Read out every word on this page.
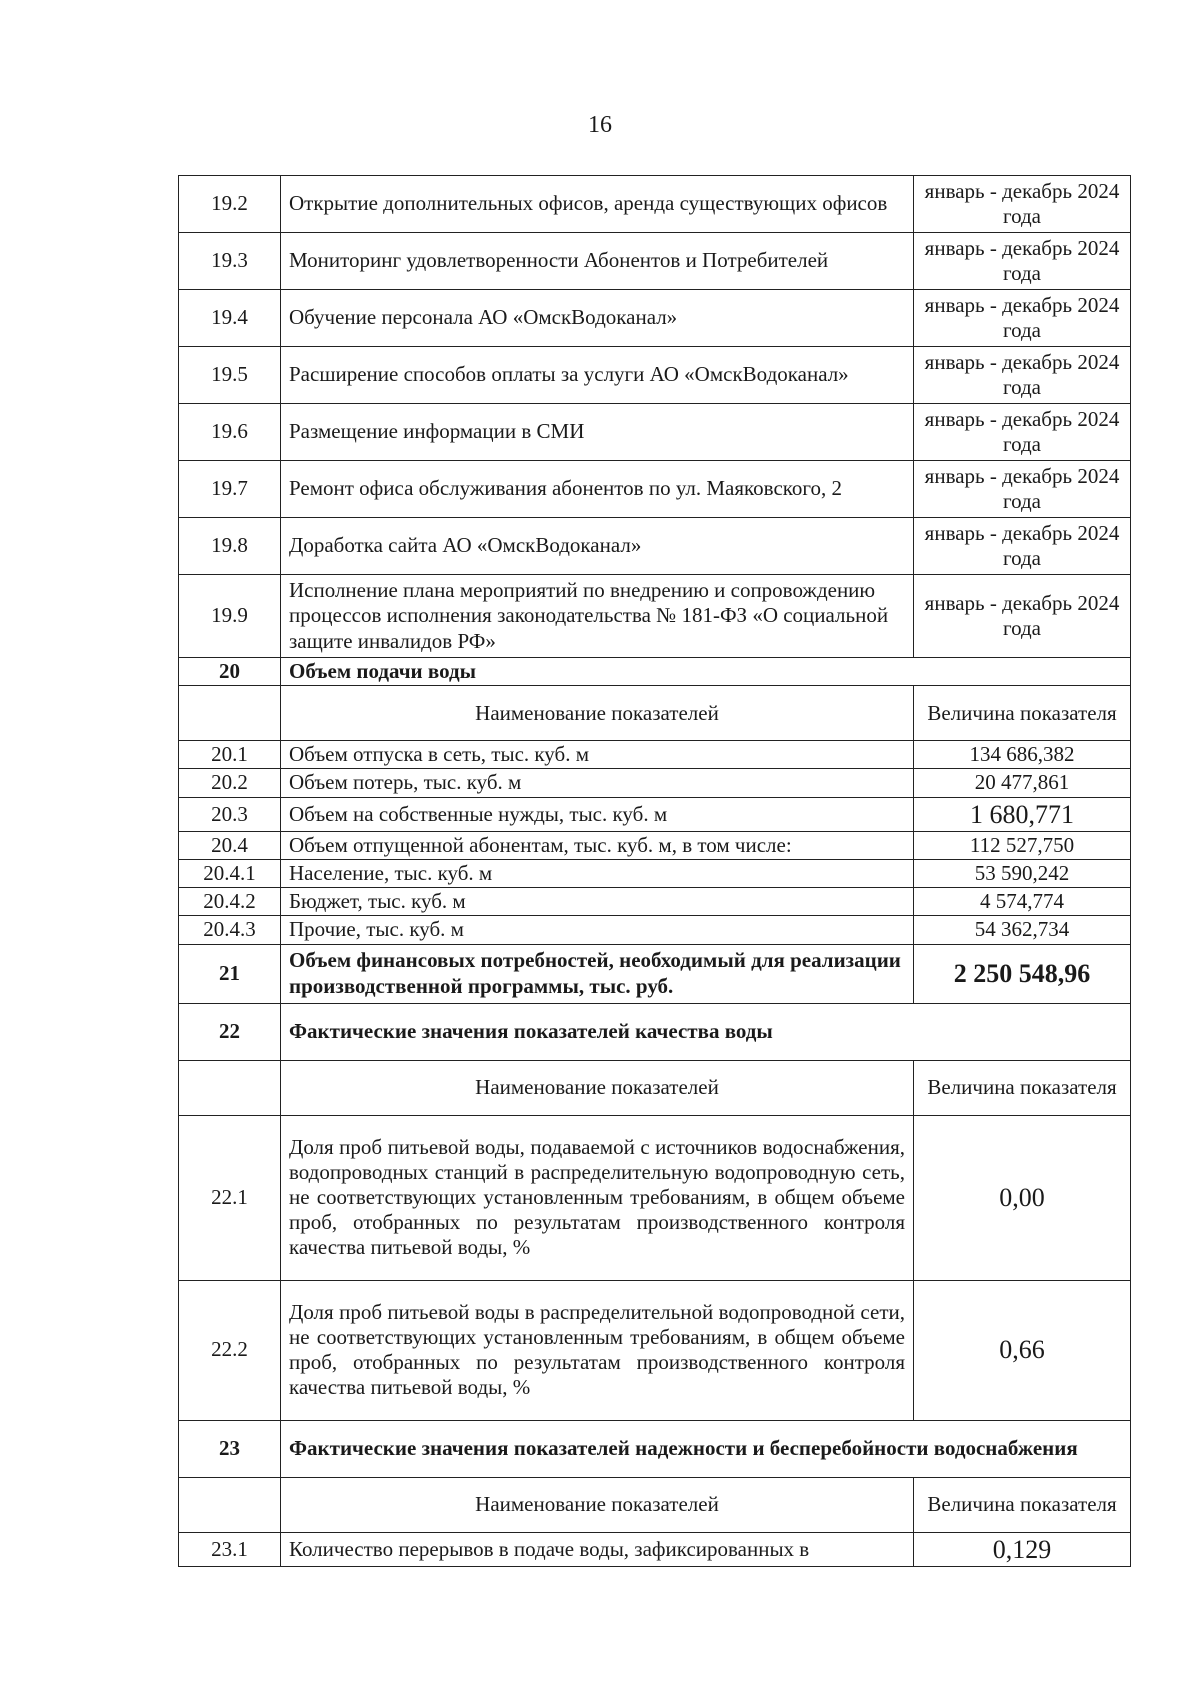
16
19.2	Открытие дополнительных офисов, аренда существующих офисов	январь - декабрь 2024 года
19.3	Мониторинг удовлетворенности Абонентов и Потребителей	январь - декабрь 2024 года
19.4	Обучение персонала АО «ОмскВодоканал»	январь - декабрь 2024 года
19.5	Расширение способов оплаты за услуги АО «ОмскВодоканал»	январь - декабрь 2024 года
19.6	Размещение информации в СМИ	январь - декабрь 2024 года
19.7	Ремонт офиса обслуживания абонентов по ул. Маяковского, 2	январь - декабрь 2024 года
19.8	Доработка сайта АО «ОмскВодоканал»	январь - декабрь 2024 года
19.9	Исполнение плана мероприятий по внедрению и сопровождению процессов исполнения законодательства № 181-ФЗ «О социальной защите инвалидов РФ»	январь - декабрь 2024 года
20	Объем подачи воды	
	Наименование показателей	Величина показателя
20.1	Объем отпуска в сеть, тыс. куб. м	134 686,382
20.2	Объем потерь, тыс. куб. м	20 477,861
20.3	Объем на собственные нужды, тыс. куб. м	1 680,771
20.4	Объем отпущенной абонентам, тыс. куб. м, в том числе:	112 527,750
20.4.1	Население, тыс. куб. м	53 590,242
20.4.2	Бюджет, тыс. куб. м	4 574,774
20.4.3	Прочие, тыс. куб. м	54 362,734
21	Объем финансовых потребностей, необходимый для реализации производственной программы, тыс. руб.	2 250 548,96
22	Фактические значения показателей качества воды	
	Наименование показателей	Величина показателя
22.1	Доля проб питьевой воды, подаваемой с источников водоснабжения, водопроводных станций в распределительную водопроводную сеть, не соответствующих установленным требованиям, в общем объеме проб, отобранных по результатам производственного контроля качества питьевой воды, %	0,00
22.2	Доля проб питьевой воды в распределительной водопроводной сети, не соответствующих установленным требованиям, в общем объеме проб, отобранных по результатам производственного контроля качества питьевой воды, %	0,66
23	Фактические значения показателей надежности и бесперебойности водоснабжения	
	Наименование показателей	Величина показателя
23.1	Количество перерывов в подаче воды, зафиксированных в	0,129
